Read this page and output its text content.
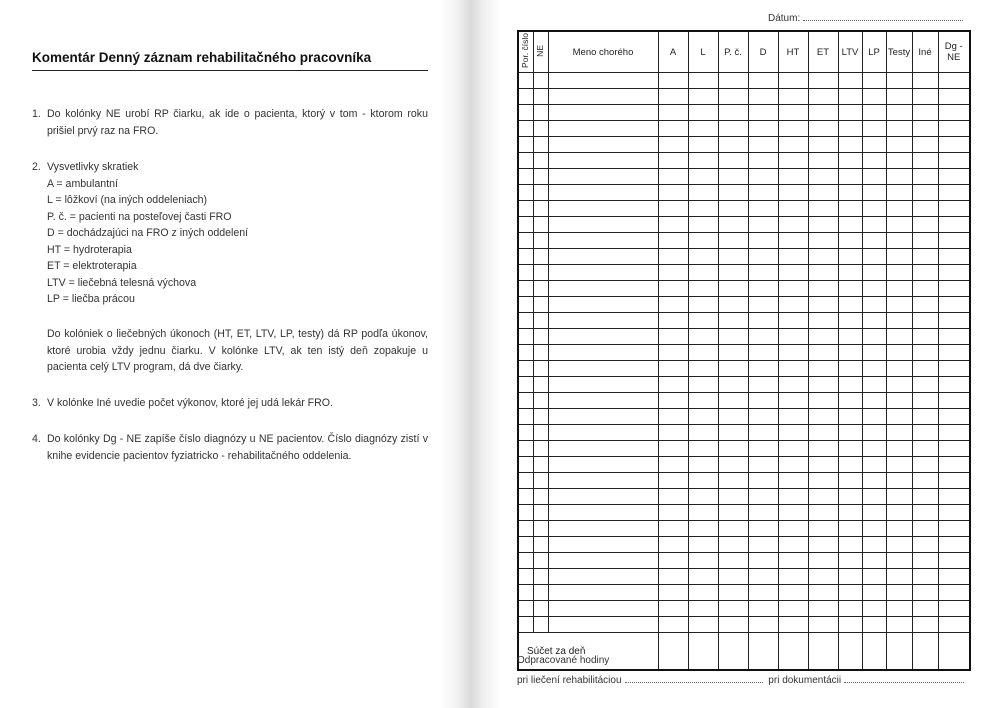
Komentár Denný záznam rehabilitačného pracovníka
1. Do kolónky NE urobí RP čiarku, ak ide o pacienta, ktorý v tom - ktorom roku prišiel prvý raz na FRO.
2. Vysvetlivky skratiek
A = ambulantní
L = lôžkoví (na iných oddeleniach)
P. č. = pacienti na posteľovej časti FRO
D = dochádzajúci na FRO z iných oddelení
HT = hydroterapia
ET = elektroterapia
LTV = liečebná telesná výchova
LP = liečba prácou
Do kolóniek o liečebných úkonoch (HT, ET, LTV, LP, testy) dá RP podľa úkonov, ktoré urobia vždy jednu čiarku. V kolónke LTV, ak ten istý deň zopakuje u pacienta celý LTV program, dá dve čiarky.
3. V kolónke Iné uvedie počet výkonov, ktoré jej udá lekár FRO.
4. Do kolónky Dg - NE zapíše číslo diagnózy u NE pacientov. Číslo diagnózy zistí v knihe evidencie pacientov fyziatricko - rehabilitačného oddelenia.
Dátum:
Por. číslo	NE	Meno chorého	A	L	P. č.	D	HT	ET	LTV	LP	Testy	Iné	Dg - NE

Súčet za deň													
Odpracované hodiny
pri liečení rehabilitáciou	pri dokumentácii
